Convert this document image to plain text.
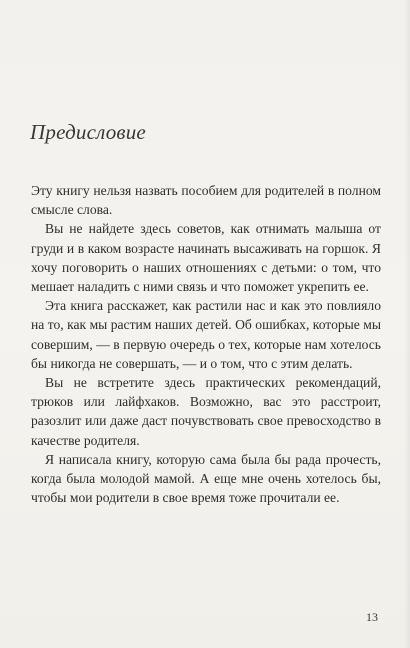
Предисловие

Эту книгу нельзя назвать пособием для родителей в полном смысле слова.

Вы не найдете здесь советов, как отнимать малыша от груди и в каком возрасте начинать высаживать на горшок. Я хочу поговорить о наших отношениях с детьми: о том, что мешает наладить с ними связь и что поможет укрепить ее.

Эта книга расскажет, как растили нас и как это повлияло на то, как мы растим наших детей. Об ошибках, которые мы совершим, — в первую очередь о тех, которые нам хотелось бы никогда не совершать, — и о том, что с этим делать.

Вы не встретите здесь практических рекомендаций, трюков или лайфхаков. Возможно, вас это расстроит, разозлит или даже даст почувствовать свое превосходство в качестве родителя.

Я написала книгу, которую сама была бы рада прочесть, когда была молодой мамой. А еще мне очень хотелось бы, чтобы мои родители в свое время тоже прочитали ее.

13
